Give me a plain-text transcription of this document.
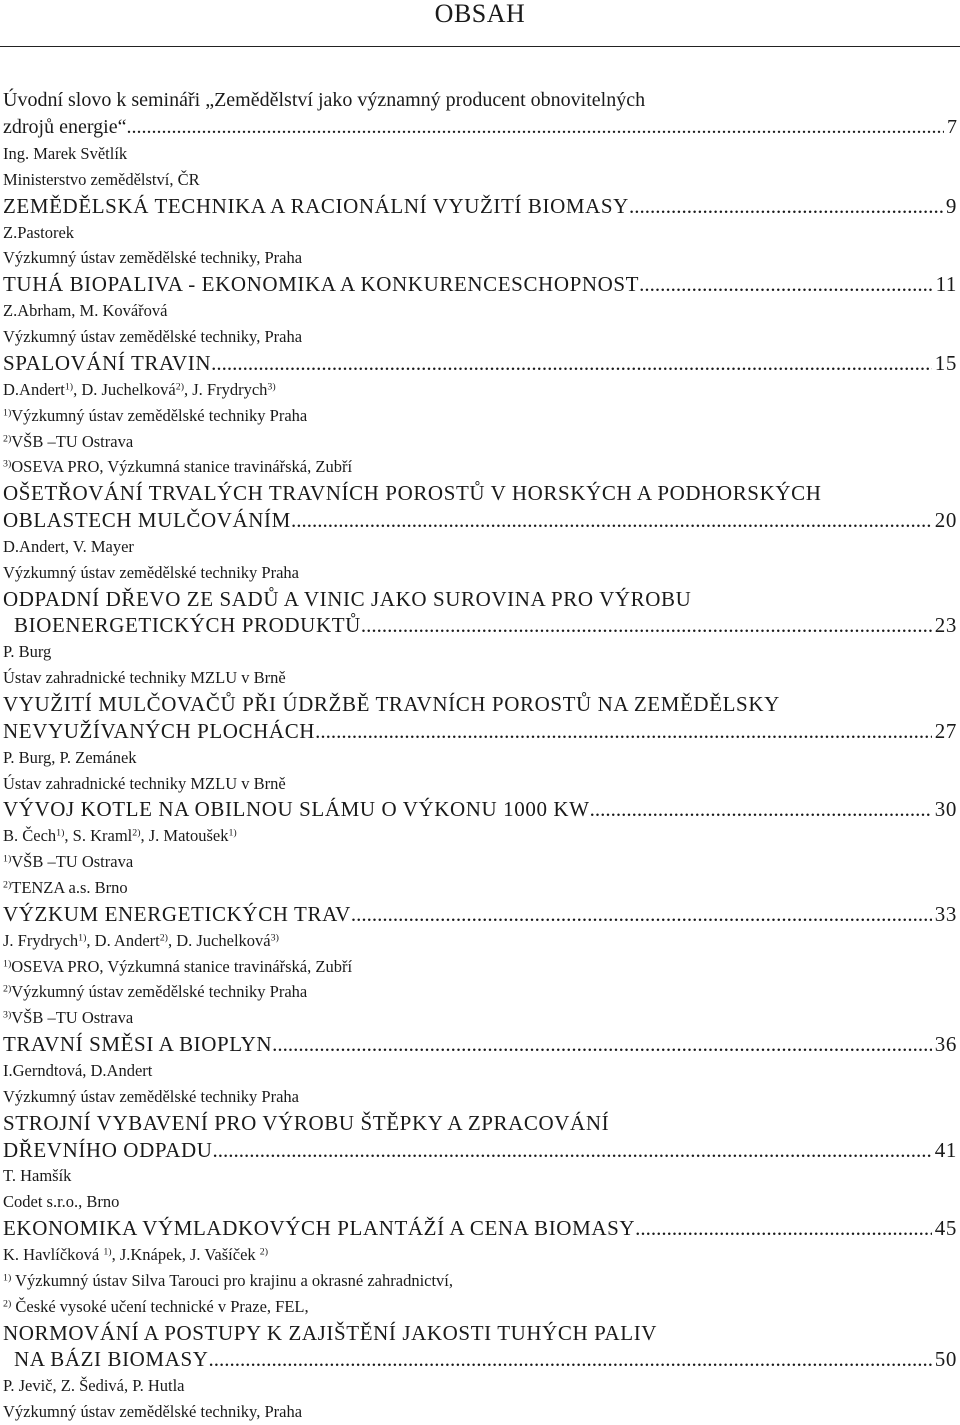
OBSAH
Úvodní slovo k semináři „Zemědělství jako významný producent obnovitelných
zdrojů energie“ .....	7
Ing. Marek Světlík
Ministerstvo zemědělství, ČR
ZEMĚDĚLSKÁ TECHNIKA A RACIONÁLNÍ VYUŽITÍ BIOMASY .....	9
Z.Pastorek
Výzkumný ústav zemědělské techniky, Praha
TUHÁ BIOPALIVA - EKONOMIKA A KONKURENCESCHOPNOST .....	11
Z.Abrham, M. Kovářová
Výzkumný ústav zemědělské techniky, Praha
SPALOVÁNÍ TRAVIN .....	15
D.Andert$^{1)}$, D. Juchelková$^{2)}$, J. Frydrych$^{3)}$
$^{1)}$Výzkumný ústav zemědělské techniky Praha
$^{2)}$VŠB –TU Ostrava
$^{3)}$OSEVA PRO, Výzkumná stanice travinářská, Zubří
OŠETŘOVÁNÍ TRVALÝCH TRAVNÍCH POROSTŮ V HORSKÝCH A PODHORSKÝCH
OBLASTECH MULČOVÁNÍM .....	20
D.Andert, V. Mayer
Výzkumný ústav zemědělské techniky Praha
ODPADNÍ DŘEVO ZE SADŮ A VINIC JAKO SUROVINA PRO VÝROBU
BIOENERGETICKÝCH PRODUKTŮ .....	23
P. Burg
Ústav zahradnické techniky MZLU v Brně
VYUŽITÍ MULČOVAČŮ PŘI ÚDRŽBĚ TRAVNÍCH POROSTŮ NA ZEMĚDĚLSKY
NEVYUŽÍVANÝCH PLOCHÁCH .....	27
P. Burg, P. Zemánek
Ústav zahradnické techniky MZLU v Brně
VÝVOJ KOTLE NA OBILNOU SLÁMU O VÝKONU 1000 KW .....	30
B. Čech$^{1)}$, S. Kraml$^{2)}$, J. Matoušek$^{1)}$
$^{1)}$VŠB –TU Ostrava
$^{2)}$TENZA a.s. Brno
VÝZKUM ENERGETICKÝCH TRAV .....	33
J. Frydrych$^{1)}$, D. Andert$^{2)}$, D. Juchelková$^{3)}$
$^{1)}$OSEVA PRO, Výzkumná stanice travinářská, Zubří
$^{2)}$Výzkumný ústav zemědělské techniky Praha
$^{3)}$VŠB –TU Ostrava
TRAVNÍ SMĚSI A BIOPLYN .....	36
I.Gerndtová, D.Andert
Výzkumný ústav zemědělské techniky Praha
STROJNÍ VYBAVENÍ PRO VÝROBU ŠTĚPKY A ZPRACOVÁNÍ
DŘEVNÍHO ODPADU .....	41
T. Hamšík
Codet s.r.o., Brno
EKONOMIKA VÝMLADKOVÝCH PLANTÁŽÍ A CENA BIOMASY .....	45
K. Havlíčková $^{1)}$, J.Knápek, J. Vašíček $^{2)}$
$^{1)}$ Výzkumný ústav Silva Tarouci pro krajinu a okrasné zahradnictví,
$^{2)}$ České vysoké učení technické v Praze, FEL,
NORMOVÁNÍ A POSTUPY K ZAJIŠTĚNÍ JAKOSTI TUHÝCH PALIV
NA BÁZI BIOMASY .....	50
P. Jevič, Z. Šedivá, P. Hutla
Výzkumný ústav zemědělské techniky, Praha
